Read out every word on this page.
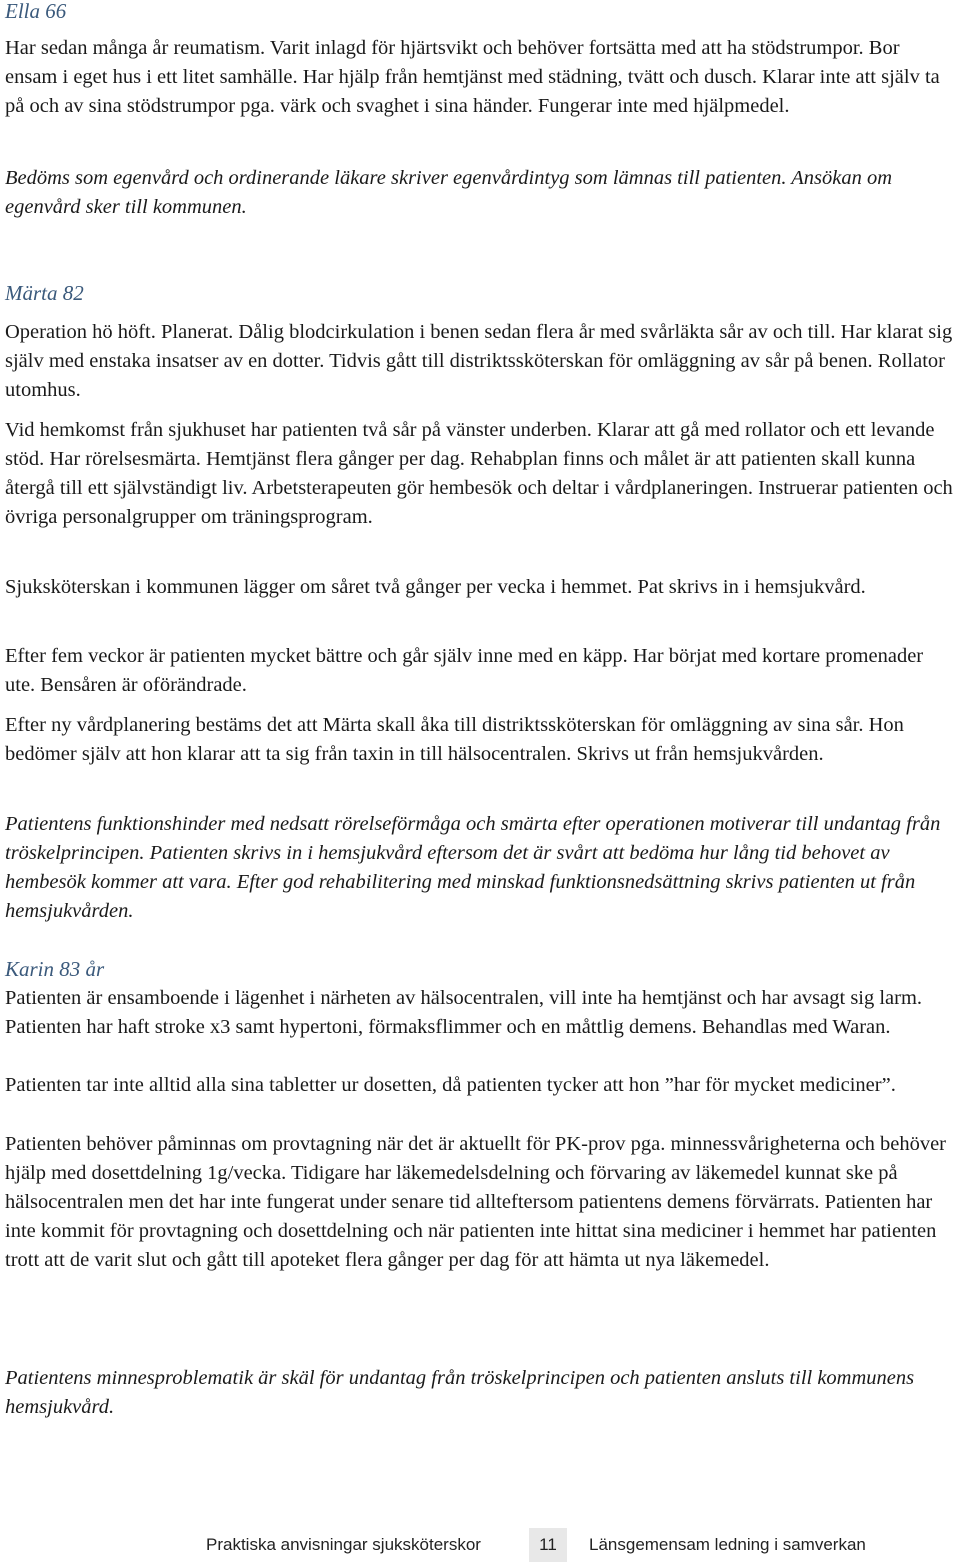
Ella 66

Har sedan många år reumatism. Varit inlagd för hjärtsvikt och behöver fortsätta med att ha stödstrumpor. Bor ensam i eget hus i ett litet samhälle. Har hjälp från hemtjänst med städning, tvätt och dusch. Klarar inte att själv ta på och av sina stödstrumpor pga. värk och svaghet i sina händer. Fungerar inte med hjälpmedel.

Bedöms som egenvård och ordinerande läkare skriver egenvårdintyg som lämnas till patienten. Ansökan om egenvård sker till kommunen.

Märta 82

Operation hö höft. Planerat. Dålig blodcirkulation i benen sedan flera år med svårläkta sår av och till. Har klarat sig själv med enstaka insatser av en dotter. Tidvis gått till distriktssköterskan för omläggning av sår på benen. Rollator utomhus.

Vid hemkomst från sjukhuset har patienten två sår på vänster underben. Klarar att gå med rollator och ett levande stöd. Har rörelsesmärta. Hemtjänst flera gånger per dag. Rehabplan finns och målet är att patienten skall kunna återgå till ett självständigt liv. Arbetsterapeuten gör hembesök och deltar i vårdplaneringen. Instruerar patienten och övriga personalgrupper om träningsprogram.

Sjuksköterskan i kommunen lägger om såret två gånger per vecka i hemmet. Pat skrivs in i hemsjukvård.

Efter fem veckor är patienten mycket bättre och går själv inne med en käpp. Har börjat med kortare promenader ute. Bensåren är oförändrade.

Efter ny vårdplanering bestäms det att Märta skall åka till distriktssköterskan för omläggning av sina sår. Hon bedömer själv att hon klarar att ta sig från taxin in till hälsocentralen. Skrivs ut från hemsjukvården.

Patientens funktionshinder med nedsatt rörelseförmåga och smärta efter operationen motiverar till undantag från tröskelprincipen. Patienten skrivs in i hemsjukvård eftersom det är svårt att bedöma hur lång tid behovet av hembesök kommer att vara. Efter god rehabilitering med minskad funktionsnedsättning skrivs patienten ut från hemsjukvården.

Karin 83 år

Patienten är ensamboende i lägenhet i närheten av hälsocentralen, vill inte ha hemtjänst och har avsagt sig larm. Patienten har haft stroke x3 samt hypertoni, förmaksflimmer och en måttlig demens. Behandlas med Waran.

Patienten tar inte alltid alla sina tabletter ur dosetten, då patienten tycker att hon ”har för mycket mediciner”.

Patienten behöver påminnas om provtagning när det är aktuellt för PK-prov pga. minnessvårigheterna och behöver hjälp med dosettdelning 1g/vecka. Tidigare har läkemedelsdelning och förvaring av läkemedel kunnat ske på hälsocentralen men det har inte fungerat under senare tid allteftersom patientens demens förvärrats. Patienten har inte kommit för provtagning och dosettdelning och när patienten inte hittat sina mediciner i hemmet har patienten trott att de varit slut och gått till apoteket flera gånger per dag för att hämta ut nya läkemedel.

Patientens minnesproblematik är skäl för undantag från tröskelprincipen och patienten ansluts till kommunens hemsjukvård.

Praktiska anvisningar sjuksköterskor	11	Länsgemensam ledning i samverkan
